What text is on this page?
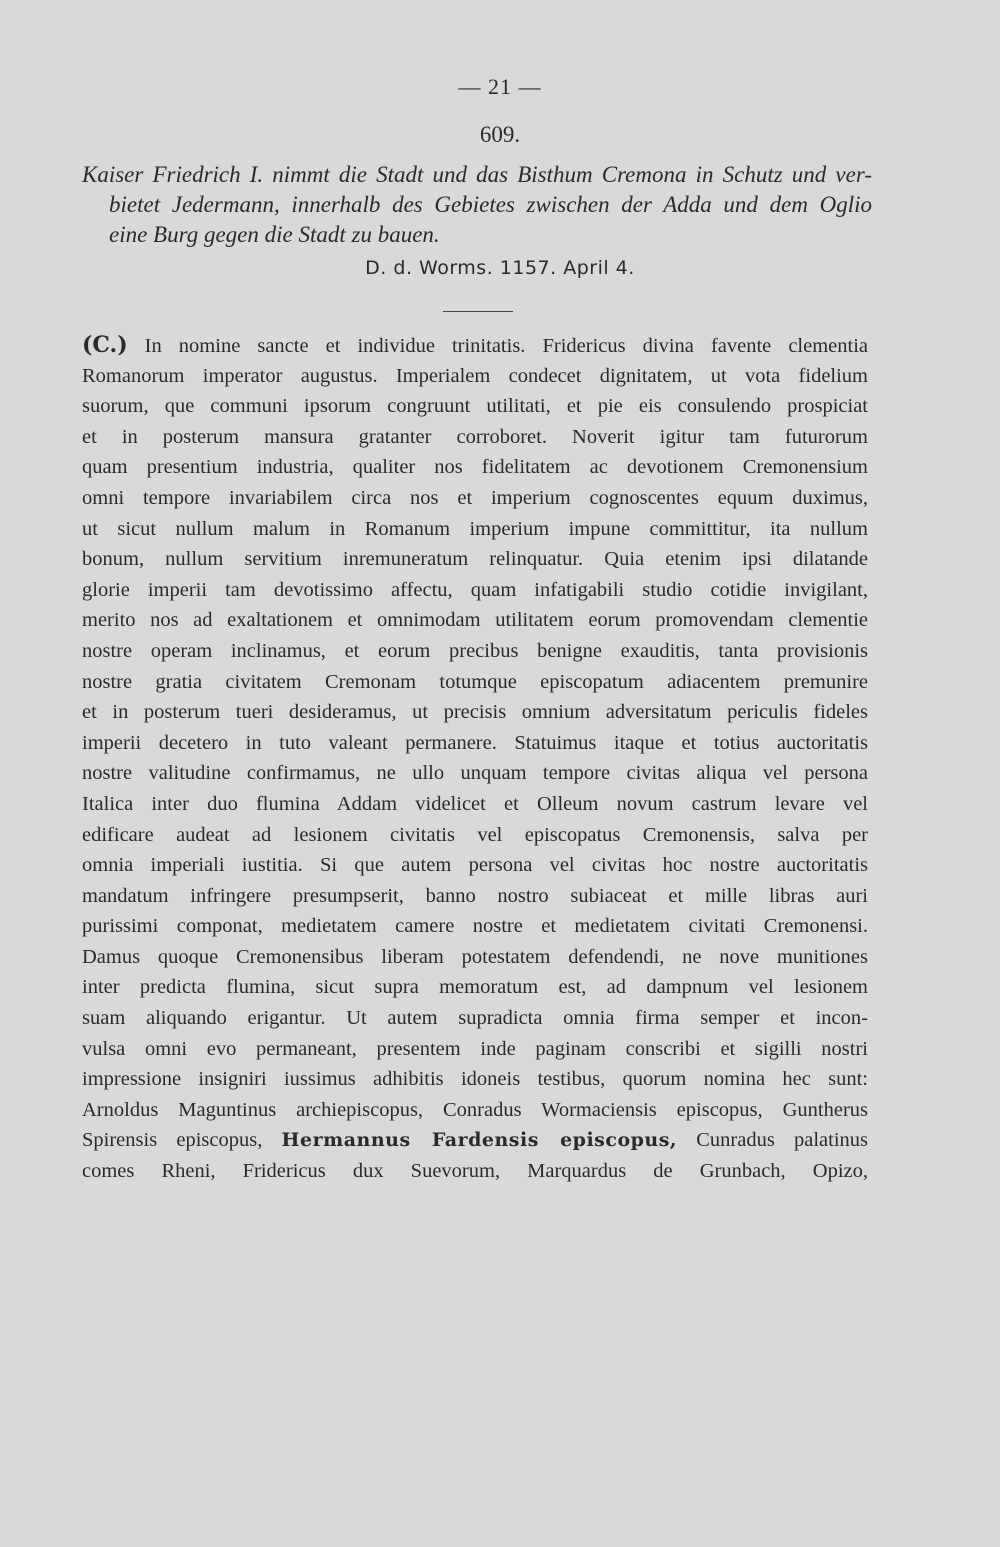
— 21 —
609.
Kaiser Friedrich I. nimmt die Stadt und das Bisthum Cremona in Schutz und ver-
bietet Jedermann, innerhalb des Gebietes zwischen der Adda und dem Oglio
eine Burg gegen die Stadt zu bauen.
D. d. Worms. 1157. April 4.
(C.) In nomine sancte et individue trinitatis. Fridericus divina favente clementia
Romanorum imperator augustus. Imperialem condecet dignitatem, ut vota fidelium
suorum, que communi ipsorum congruunt utilitati, et pie eis consulendo prospiciat
et in posterum mansura gratanter corroboret. Noverit igitur tam futurorum
quam presentium industria, qualiter nos fidelitatem ac devotionem Cremonensium
omni tempore invariabilem circa nos et imperium cognoscentes equum duximus,
ut sicut nullum malum in Romanum imperium impune committitur, ita nullum
bonum, nullum servitium inremuneratum relinquatur. Quia etenim ipsi dilatande
glorie imperii tam devotissimo affectu, quam infatigabili studio cotidie invigilant,
merito nos ad exaltationem et omnimodam utilitatem eorum promovendam clementie
nostre operam inclinamus, et eorum precibus benigne exauditis, tanta provisionis
nostre gratia civitatem Cremonam totumque episcopatum adiacentem premunire
et in posterum tueri desideramus, ut precisis omnium adversitatum periculis fideles
imperii decetero in tuto valeant permanere. Statuimus itaque et totius auctoritatis
nostre valitudine confirmamus, ne ullo unquam tempore civitas aliqua vel persona
Italica inter duo flumina Addam videlicet et Olleum novum castrum levare vel
edificare audeat ad lesionem civitatis vel episcopatus Cremonensis, salva per
omnia imperiali iustitia. Si que autem persona vel civitas hoc nostre auctoritatis
mandatum infringere presumpserit, banno nostro subiaceat et mille libras auri
purissimi componat, medietatem camere nostre et medietatem civitati Cremonensi.
Damus quoque Cremonensibus liberam potestatem defendendi, ne nove munitiones
inter predicta flumina, sicut supra memoratum est, ad dampnum vel lesionem
suam aliquando erigantur. Ut autem supradicta omnia firma semper et incon-
vulsa omni evo permaneant, presentem inde paginam conscribi et sigilli nostri
impressione insigniri iussimus adhibitis idoneis testibus, quorum nomina hec sunt:
Arnoldus Maguntinus archiepiscopus, Conradus Wormaciensis episcopus, Guntherus
Spirensis episcopus, Hermannus Fardensis episcopus, Cunradus palatinus
comes Rheni, Fridericus dux Suevorum, Marquardus de Grunbach, Opizo,
